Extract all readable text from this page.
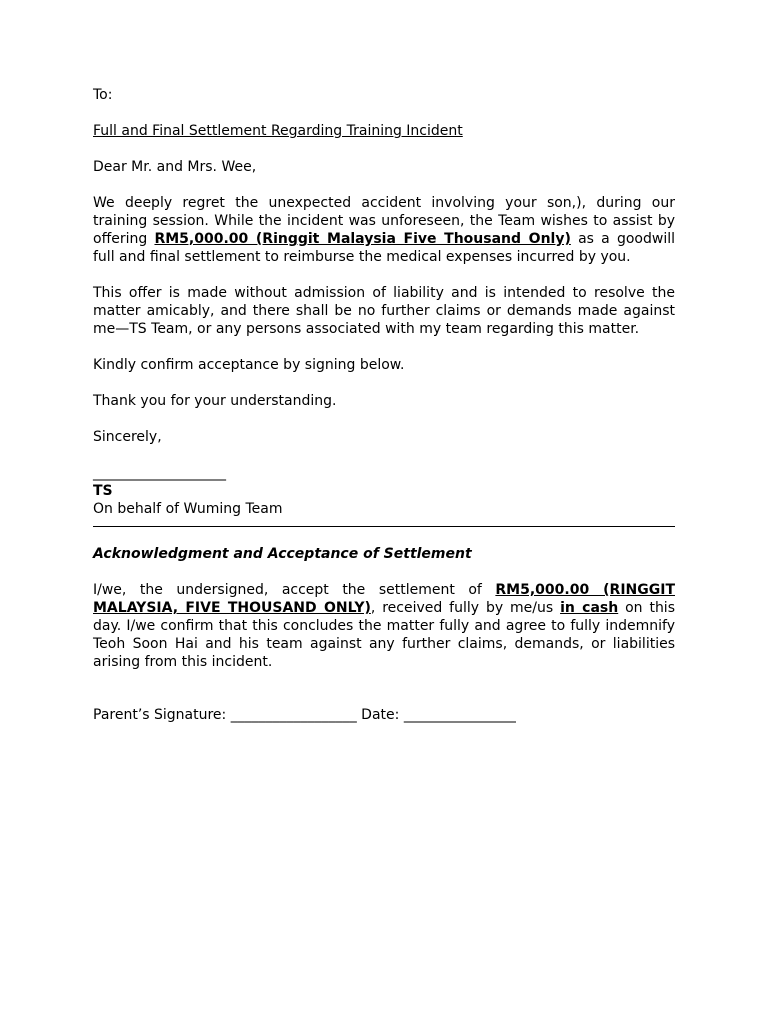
To:

Full and Final Settlement Regarding Training Incident

Dear Mr. and Mrs. Wee,

We deeply regret the unexpected accident involving your son,), during our training session. While the incident was unforeseen, the Team wishes to assist by offering RM5,000.00 (Ringgit Malaysia Five Thousand Only) as a goodwill full and final settlement to reimburse the medical expenses incurred by you.

This offer is made without admission of liability and is intended to resolve the matter amicably, and there shall be no further claims or demands made against me—TS Team, or any persons associated with my team regarding this matter.

Kindly confirm acceptance by signing below.

Thank you for your understanding.

Sincerely,

___________________

TS

On behalf of Wuming Team

Acknowledgment and Acceptance of Settlement

I/we, the undersigned, accept the settlement of RM5,000.00 (RINGGIT MALAYSIA, FIVE THOUSAND ONLY), received fully by me/us in cash on this day. I/we confirm that this concludes the matter fully and agree to fully indemnify Teoh Soon Hai and his team against any further claims, demands, or liabilities arising from this incident.

Parent’s Signature: __________________ Date: ________________
